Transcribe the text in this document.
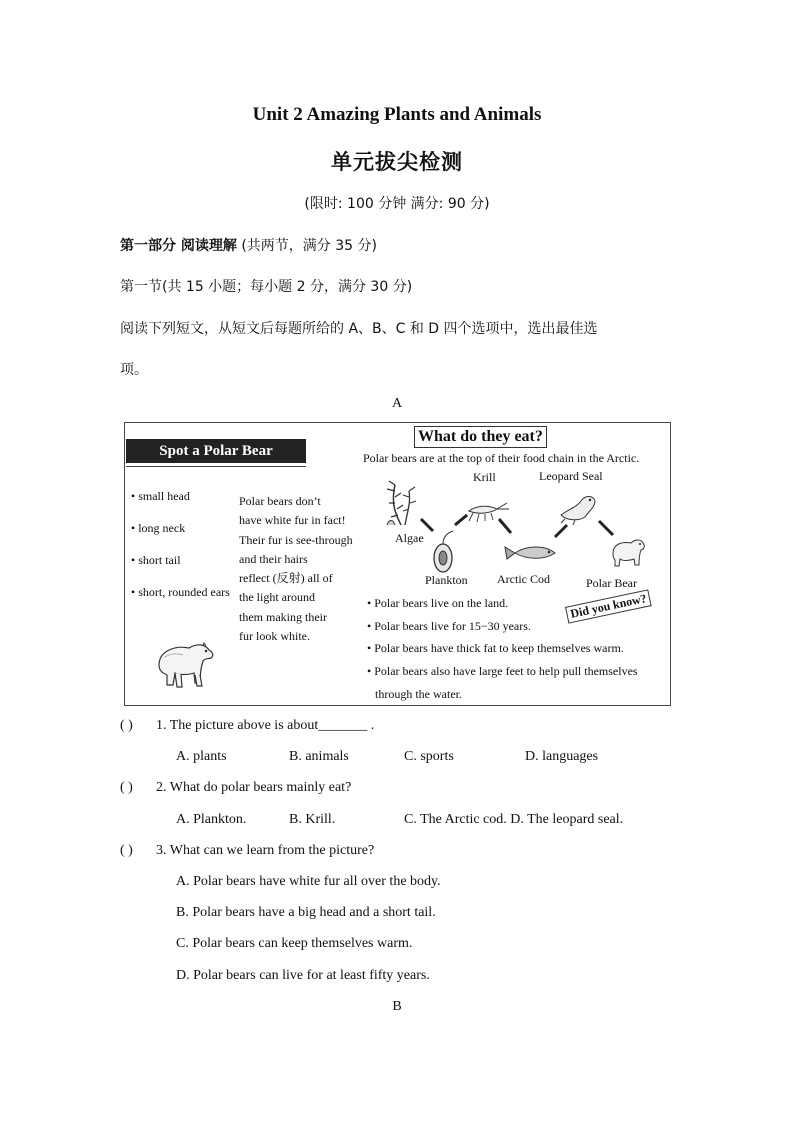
Unit 2 Amazing Plants and Animals
单元拔尖检测
(限时: 100 分钟 满分: 90 分)
第一部分 阅读理解 (共两节，满分 35 分)
第一节(共 15 小题；每小题 2 分，满分 30 分)
阅读下列短文，从短文后每题所给的 A、B、C 和 D 四个选项中，选出最佳选
项。
A
Spot a Polar Bear
• small head
• long neck
• short tail
• short, rounded ears
Polar bears don’t
have white fur in fact!
Their fur is see-through
and their hairs
reflect (反射) all of
the light around
them making their
fur look white.
What do they eat?
Polar bears are at the top of their food chain in the Arctic.
Krill	Leopard Seal
Algae
Plankton Arctic Cod	Polar Bear
• Polar bears live on the land.
• Polar bears live for 15−30 years.
• Polar bears have thick fat to keep themselves warm.
• Polar bears also have large feet to help pull themselves
through the water.
Did you know?
( ) 1. The picture above is about_______ .
A. plants	B. animals	C. sports	D. languages
( ) 2. What do polar bears mainly eat?
A. Plankton.	B. Krill.	C. The Arctic cod. D. The leopard seal.
( ) 3. What can we learn from the picture?
A. Polar bears have white fur all over the body.
B. Polar bears have a big head and a short tail.
C. Polar bears can keep themselves warm.
D. Polar bears can live for at least fifty years.
B
